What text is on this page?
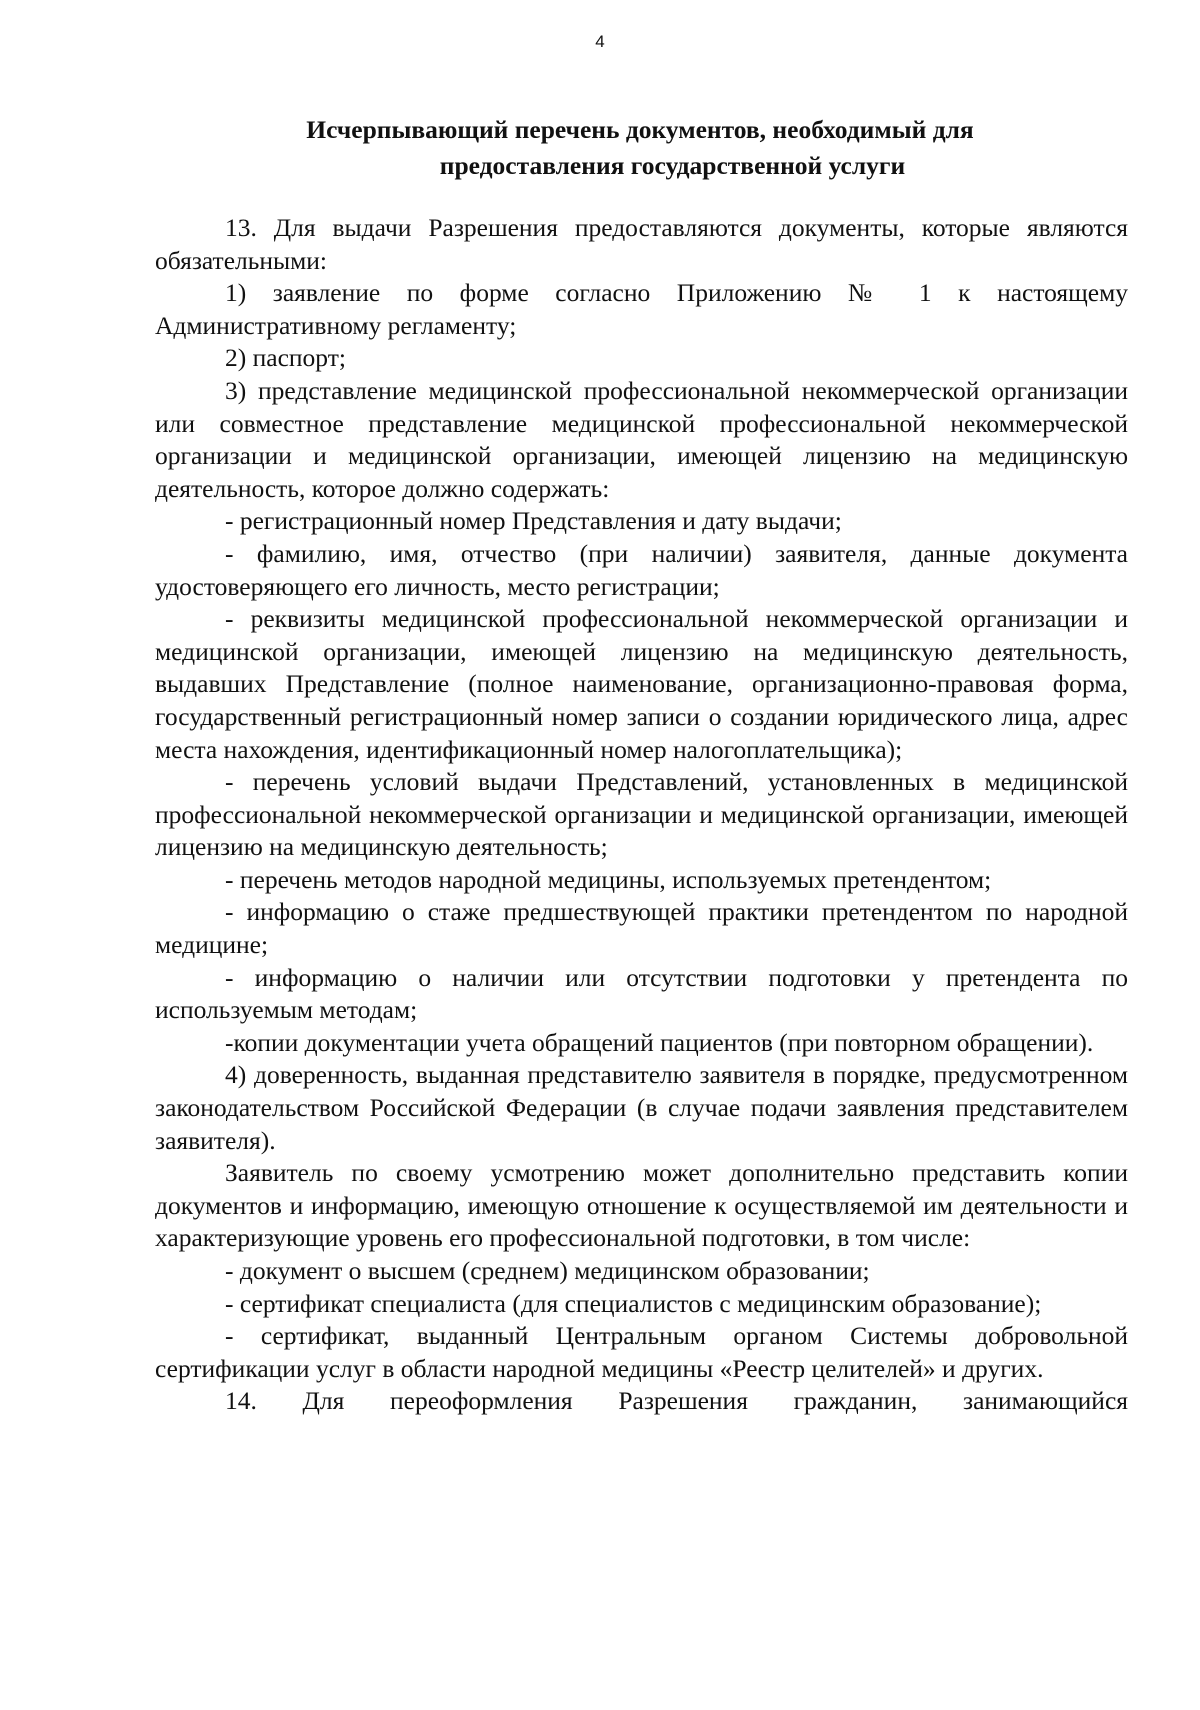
4
Исчерпывающий перечень документов, необходимый для
предоставления государственной услуги

13. Для выдачи Разрешения предоставляются документы, которые являются обязательными:

1) заявление по форме согласно Приложению № 1 к настоящему Административному регламенту;

2) паспорт;

3) представление медицинской профессиональной некоммерческой организации или совместное представление медицинской профессиональной некоммерческой организации и медицинской организации, имеющей лицензию на медицинскую деятельность, которое должно содержать:

- регистрационный номер Представления и дату выдачи;

- фамилию, имя, отчество (при наличии) заявителя, данные документа удостоверяющего его личность, место регистрации;

- реквизиты медицинской профессиональной некоммерческой организации и медицинской организации, имеющей лицензию на медицинскую деятельность, выдавших Представление (полное наименование, организационно-правовая форма, государственный регистрационный номер записи о создании юридического лица, адрес места нахождения, идентификационный номер налогоплательщика);

- перечень условий выдачи Представлений, установленных в медицинской профессиональной некоммерческой организации и медицинской организации, имеющей лицензию на медицинскую деятельность;

- перечень методов народной медицины, используемых претендентом;

- информацию о стаже предшествующей практики претендентом по народной медицине;

- информацию о наличии или отсутствии подготовки у претендента по используемым методам;

-копии документации учета обращений пациентов (при повторном обращении).

4) доверенность, выданная представителю заявителя в порядке, предусмотренном законодательством Российской Федерации (в случае подачи заявления представителем заявителя).

Заявитель по своему усмотрению может дополнительно представить копии документов и информацию, имеющую отношение к осуществляемой им деятельности и характеризующие уровень его профессиональной подготовки, в том числе:

- документ о высшем (среднем) медицинском образовании;

- сертификат специалиста (для специалистов с медицинским образование);

- сертификат, выданный Центральным органом Системы добровольной сертификации услуг в области народной медицины «Реестр целителей» и других.

14. Для переоформления Разрешения гражданин, занимающийся
